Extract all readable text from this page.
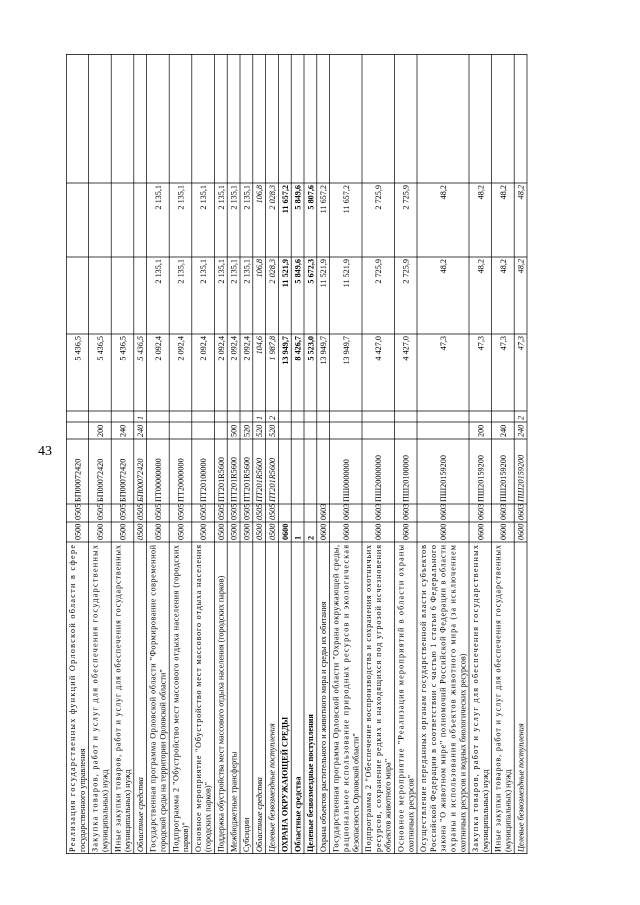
43
Реализация государственных функций Орловской области в сфере
государственного управления
0500
0505
БП00072420
5 436,5
Закупка товаров, работ и услуг для обеспечения государственных
(муниципальных) нужд
0500
0505
БП00072420
200
5 436,5
Иные закупки товаров, работ и услуг для обеспечения государственных
(муниципальных) нужд
0500
0505
БП00072420
240
5 436,5
Областные средства
0500
0505
БП00072420
240
1
5 436,5
Государственная программа Орловской области "Формирование современной
городской среды на территории Орловской области"
0500
0505
ПТ00000000
2 092,4
2 135,1
2 135,1
Подпрограмма 2 "Обустройство мест массового отдыха населения (городских
парков)"
0500
0505
ПТ20000000
2 092,4
2 135,1
2 135,1
Основное мероприятие "Обустройство мест массового отдыха населения
(городских парков)"
0500
0505
ПТ20100000
2 092,4
2 135,1
2 135,1
Поддержка обустройства мест массового отдыха населения (городских парков)
0500
0505
ПТ201R5600
2 092,4
2 135,1
2 135,1
Межбюджетные трансферты
0500
0505
ПТ201R5600
500
2 092,4
2 135,1
2 135,1
Субсидии
0500
0505
ПТ201R5600
520
2 092,4
2 135,1
2 135,1
Областные средства
0500
0505
ПТ201R5600
520
1
104,6
106,8
106,8
Целевые безвозмездные поступления
0500
0505
ПТ201R5600
520
2
1 987,8
2 028,3
2 028,3
ОХРАНА ОКРУЖАЮЩЕЙ СРЕДЫ
0600
13 949,7
11 521,9
11 657,2
Областные средства
1
8 426,7
5 849,6
5 849,6
Целевые безвозмездные поступления
2
5 523,0
5 672,3
5 807,6
Охрана объектов растительного и животного мира и среды их обитания
0600
0603
13 949,7
11 521,9
11 657,2
Государственная программа Орловской области "Охрана окружающей среды,
рациональное использование природных ресурсов и экологическая
безопасность Орловской области"
0600
0603
ПШ0000000
13 949,7
11 521,9
11 657,2
Подпрограмма 2 "Обеспечение воспроизводства и сохранения охотничьих
ресурсов, сохранение редких и находящихся под угрозой исчезновения
объектов животного мира"
0600
0603
ПШ20000000
4 427,0
2 725,9
2 725,9
Основное мероприятие "Реализация мероприятий в области охраны
охотничьих ресурсов"
0600
0603
ПШ20100000
4 427,0
2 725,9
2 725,9
Осуществление переданных органам государственной власти субъектов
Российской Федерации в соответствии с частью 1 статьи 6 Федерального
закона "О животном мире" полномочий Российской Федерации в области
охраны и использования объектов животного мира (за исключением
охотничьих ресурсов и водных биологических ресурсов)
0600
0603
ПШ20159200
47,3
48,2
48,2
Закупка товаров, работ и услуг для обеспечения государственных
(муниципальных) нужд
0600
0603
ПШ20159200
200
47,3
48,2
48,2
Иные закупки товаров, работ и услуг для обеспечения государственных
(муниципальных) нужд
0600
0603
ПШ20159200
240
47,3
48,2
48,2
Целевые безвозмездные поступления
0600
0603
ПШ20159200
240
2
47,3
48,2
48,2
